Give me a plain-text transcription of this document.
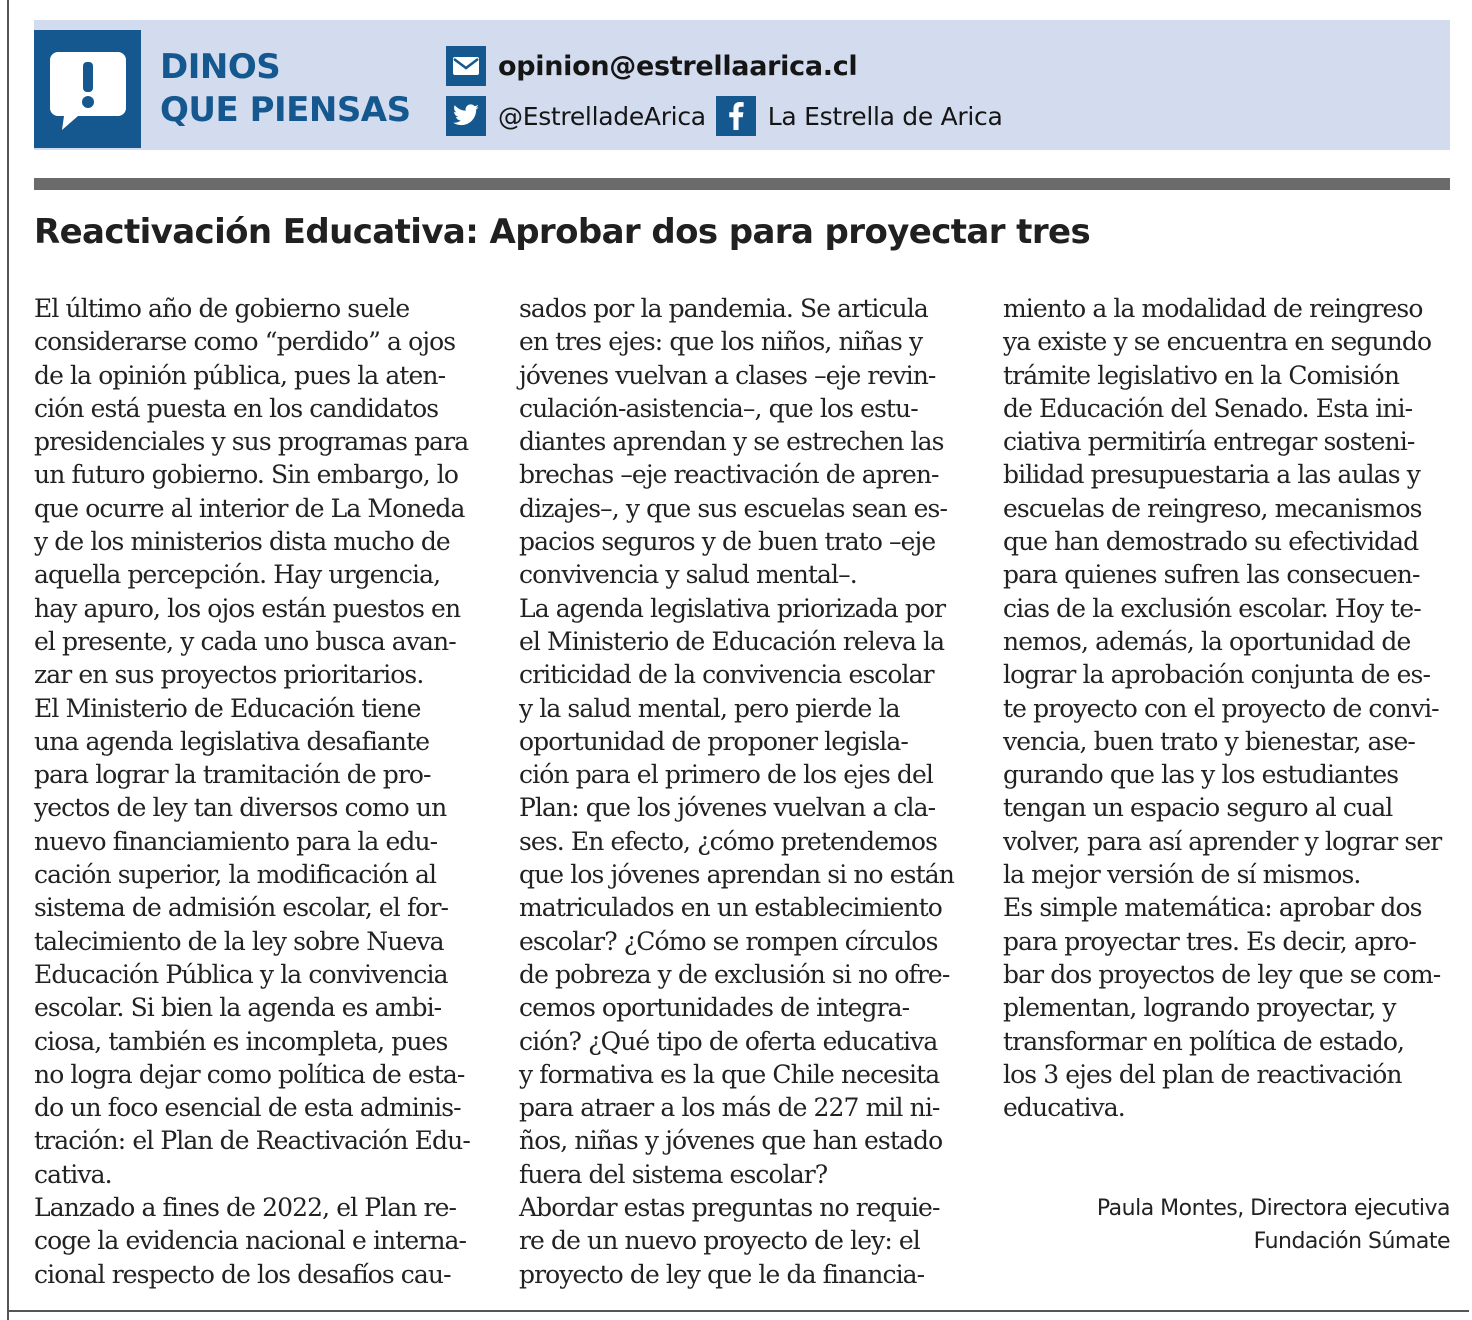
DINOS
QUE PIENSAS
opinion@estrellaarica.cl
@EstrelladeArica La Estrella de Arica
Reactivación Educativa: Aprobar dos para proyectar tres
El último año de gobierno suele
considerarse como “perdido” a ojos
de la opinión pública, pues la aten-
ción está puesta en los candidatos
presidenciales y sus programas para
un futuro gobierno. Sin embargo, lo
que ocurre al interior de La Moneda
y de los ministerios dista mucho de
aquella percepción. Hay urgencia,
hay apuro, los ojos están puestos en
el presente, y cada uno busca avan-
zar en sus proyectos prioritarios.
El Ministerio de Educación tiene
una agenda legislativa desafiante
para lograr la tramitación de pro-
yectos de ley tan diversos como un
nuevo financiamiento para la edu-
cación superior, la modificación al
sistema de admisión escolar, el for-
talecimiento de la ley sobre Nueva
Educación Pública y la convivencia
escolar. Si bien la agenda es ambi-
ciosa, también es incompleta, pues
no logra dejar como política de esta-
do un foco esencial de esta adminis-
tración: el Plan de Reactivación Edu-
cativa.
Lanzado a fines de 2022, el Plan re-
coge la evidencia nacional e interna-
cional respecto de los desafíos cau-
sados por la pandemia. Se articula
en tres ejes: que los niños, niñas y
jóvenes vuelvan a clases –eje revin-
culación-asistencia–, que los estu-
diantes aprendan y se estrechen las
brechas –eje reactivación de apren-
dizajes–, y que sus escuelas sean es-
pacios seguros y de buen trato –eje
convivencia y salud mental–.
La agenda legislativa priorizada por
el Ministerio de Educación releva la
criticidad de la convivencia escolar
y la salud mental, pero pierde la
oportunidad de proponer legisla-
ción para el primero de los ejes del
Plan: que los jóvenes vuelvan a cla-
ses. En efecto, ¿cómo pretendemos
que los jóvenes aprendan si no están
matriculados en un establecimiento
escolar? ¿Cómo se rompen círculos
de pobreza y de exclusión si no ofre-
cemos oportunidades de integra-
ción? ¿Qué tipo de oferta educativa
y formativa es la que Chile necesita
para atraer a los más de 227 mil ni-
ños, niñas y jóvenes que han estado
fuera del sistema escolar?
Abordar estas preguntas no requie-
re de un nuevo proyecto de ley: el
proyecto de ley que le da financia-
miento a la modalidad de reingreso
ya existe y se encuentra en segundo
trámite legislativo en la Comisión
de Educación del Senado. Esta ini-
ciativa permitiría entregar sosteni-
bilidad presupuestaria a las aulas y
escuelas de reingreso, mecanismos
que han demostrado su efectividad
para quienes sufren las consecuen-
cias de la exclusión escolar. Hoy te-
nemos, además, la oportunidad de
lograr la aprobación conjunta de es-
te proyecto con el proyecto de convi-
vencia, buen trato y bienestar, ase-
gurando que las y los estudiantes
tengan un espacio seguro al cual
volver, para así aprender y lograr ser
la mejor versión de sí mismos.
Es simple matemática: aprobar dos
para proyectar tres. Es decir, apro-
bar dos proyectos de ley que se com-
plementan, logrando proyectar, y
transformar en política de estado,
los 3 ejes del plan de reactivación
educativa.
Paula Montes, Directora ejecutiva
Fundación Súmate
